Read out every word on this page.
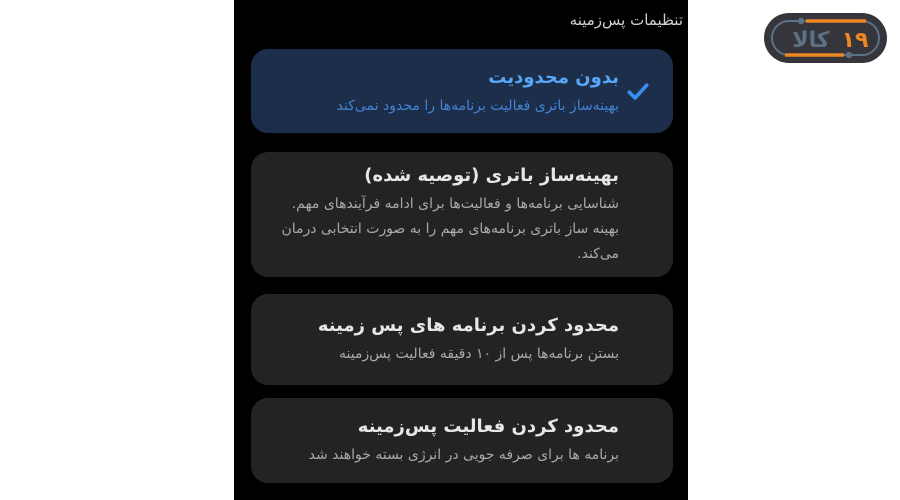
کالا ۱۹
تنظیمات پس‌زمینه
بدون محدودیت
بهینه‌ساز باتری فعالیت برنامه‌ها را محدود نمی‌کند
بهینه‌ساز باتری (توصیه شده)
شناسایی برنامه‌ها و فعالیت‌ها برای ادامه فرآیندهای مهم. بهینه ساز باتری برنامه‌های مهم را به صورت انتخابی درمان می‌کند.
محدود کردن برنامه های پس زمینه
بستن برنامه‌ها پس از ۱۰ دقیقه فعالیت پس‌زمینه
محدود کردن فعالیت پس‌زمینه
برنامه ها برای صرفه جویی در انرژی بسته خواهند شد
